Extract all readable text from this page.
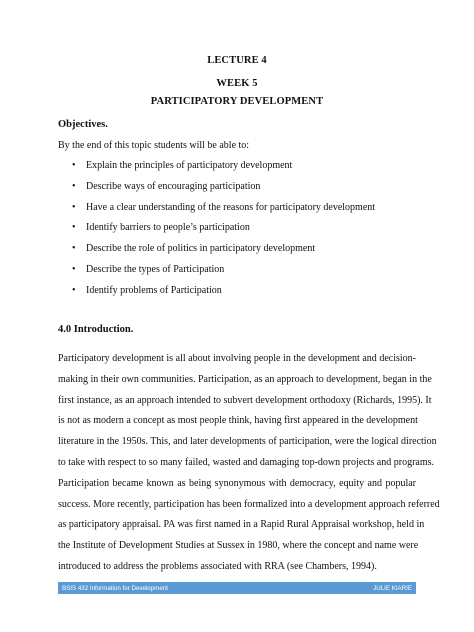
LECTURE 4
WEEK 5
PARTICIPATORY DEVELOPMENT
Objectives.
By the end of this topic students will be able to:
•	Explain the principles of participatory development
•	Describe ways of encouraging participation
•	Have a clear understanding of the reasons for participatory development
•	Identify barriers to people’s participation
•	Describe the role of politics in participatory development
•	Describe the types of Participation
•	Identify problems of Participation
4.0 Introduction.
Participatory development is all about involving people in the development and decision-
making in their own communities. Participation, as an approach to development, began in the
first instance, as an approach intended to subvert development orthodoxy (Richards, 1995). It
is not as modern a concept as most people think, having first appeared in the development
literature in the 1950s. This, and later developments of participation, were the logical direction
to take with respect to so many failed, wasted and damaging top-down projects and programs.
Participation became known as being synonymous with democracy, equity and popular
success. More recently, participation has been formalized into a development approach referred
as participatory appraisal. PA was first named in a Rapid Rural Appraisal workshop, held in
the Institute of Development Studies at Sussex in 1980, where the concept and name were
introduced to address the problems associated with RRA (see Chambers, 1994).
BSIS 432 Information for Development	JULIE KIARIE
